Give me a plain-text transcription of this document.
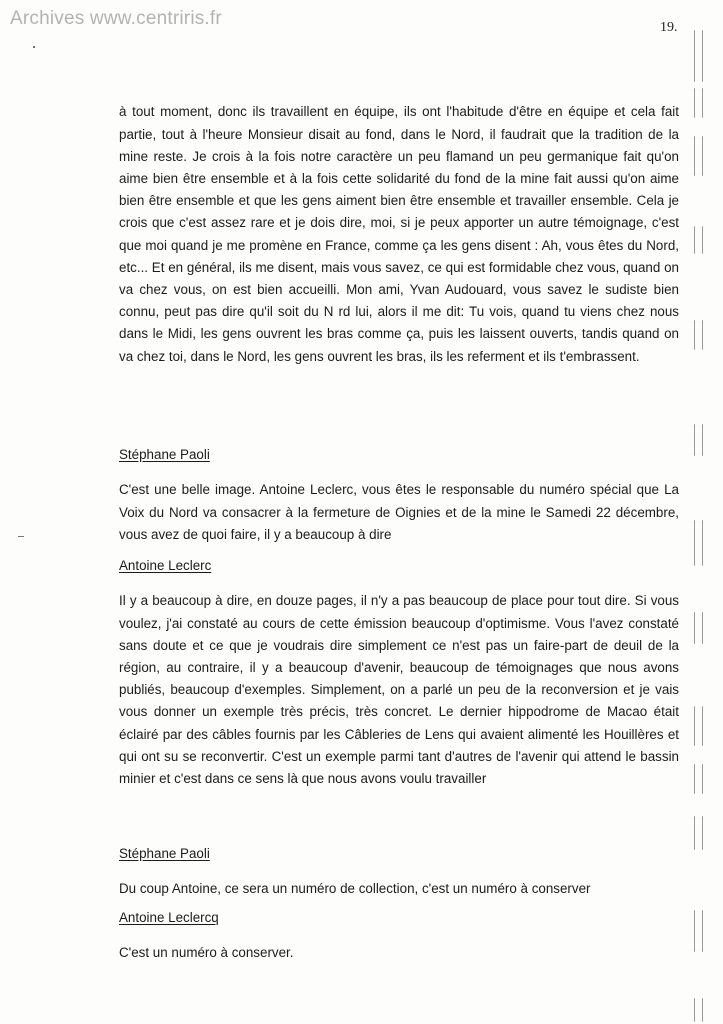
Archives www.centriris.fr	19.

à tout moment, donc ils travaillent en équipe, ils ont l'habitude d'être en équipe et cela fait partie, tout à l'heure Monsieur disait au fond, dans le Nord, il faudrait que la tradition de la mine reste. Je crois à la fois notre caractère un peu flamand un peu germanique fait qu'on aime bien être ensemble et à la fois cette solidarité du fond de la mine fait aussi qu'on aime bien être ensemble et que les gens aiment bien être ensemble et travailler ensemble. Cela je crois que c'est assez rare et je dois dire, moi, si je peux apporter un autre témoignage, c'est que moi quand je me promène en France, comme ça les gens disent : Ah, vous êtes du Nord, etc... Et en général, ils me disent, mais vous savez, ce qui est formidable chez vous, quand on va chez vous, on est bien accueilli. Mon ami, Yvan Audouard, vous savez le sudiste bien connu, peut pas dire qu'il soit du N rd lui, alors il me dit: Tu vois, quand tu viens chez nous dans le Midi, les gens ouvrent les bras comme ça, puis les laissent ouverts, tandis quand on va chez toi, dans le Nord, les gens ouvrent les bras, ils les referment et ils t'embrassent.

Stéphane Paoli

C'est une belle image. Antoine Leclerc, vous êtes le responsable du numéro spécial que La Voix du Nord va consacrer à la fermeture de Oignies et de la mine le Samedi 22 décembre, vous avez de quoi faire, il y a beaucoup à dire

Antoine Leclerc

Il y a beaucoup à dire, en douze pages, il n'y a pas beaucoup de place pour tout dire. Si vous voulez, j'ai constaté au cours de cette émission beaucoup d'optimisme. Vous l'avez constaté sans doute et ce que je voudrais dire simplement ce n'est pas un faire-part de deuil de la région, au contraire, il y a beaucoup d'avenir, beaucoup de témoignages que nous avons publiés, beaucoup d'exemples. Simplement, on a parlé un peu de la reconversion et je vais vous donner un exemple très précis, très concret. Le dernier hippodrome de Macao était éclairé par des câbles fournis par les Câbleries de Lens qui avaient alimenté les Houillères et qui ont su se reconvertir. C'est un exemple parmi tant d'autres de l'avenir qui attend le bassin minier et c'est dans ce sens là que nous avons voulu travailler

Stéphane Paoli

Du coup Antoine, ce sera un numéro de collection, c'est un numéro à conserver

Antoine Leclercq

C'est un numéro à conserver.
